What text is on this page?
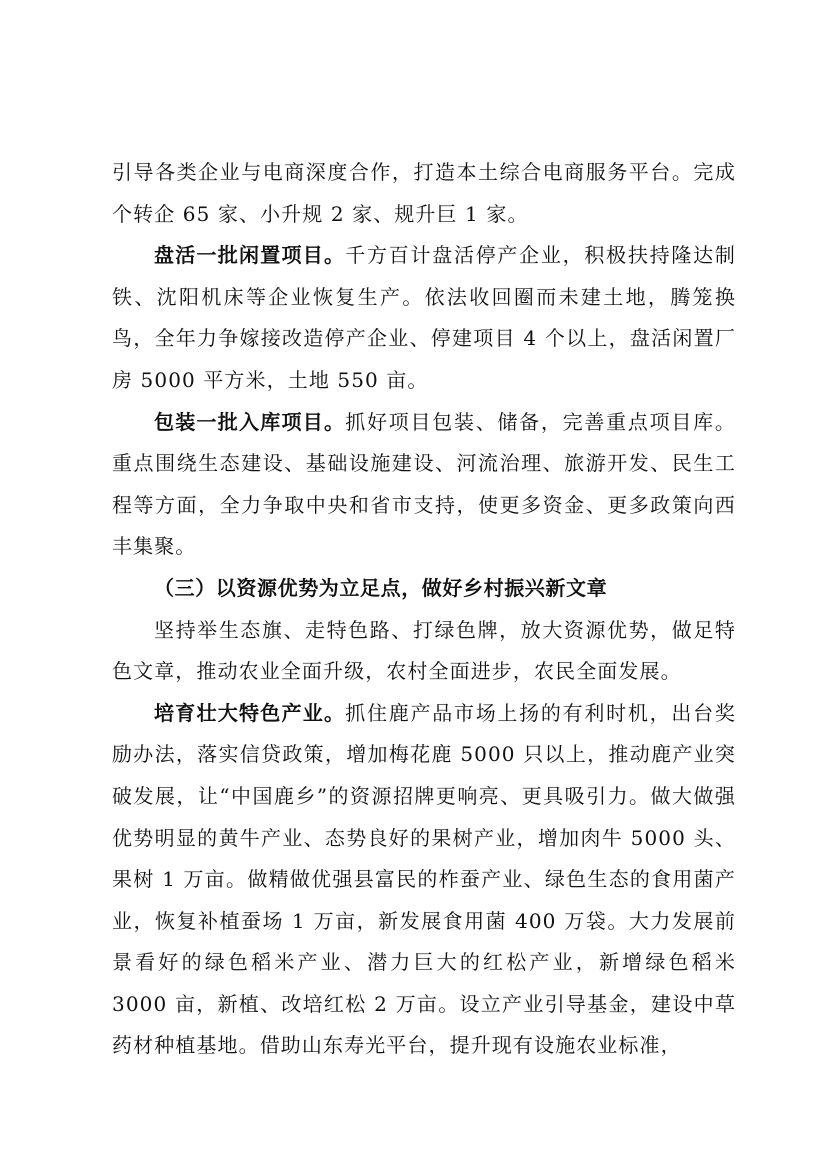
引导各类企业与电商深度合作，打造本土综合电商服务平台。完成个转企 65 家、小升规 2 家、规升巨 1 家。

盘活一批闲置项目。千方百计盘活停产企业，积极扶持隆达制铁、沈阳机床等企业恢复生产。依法收回圈而未建土地，腾笼换鸟，全年力争嫁接改造停产企业、停建项目 4 个以上，盘活闲置厂房 5000 平方米，土地 550 亩。

包装一批入库项目。抓好项目包装、储备，完善重点项目库。重点围绕生态建设、基础设施建设、河流治理、旅游开发、民生工程等方面，全力争取中央和省市支持，使更多资金、更多政策向西丰集聚。

（三）以资源优势为立足点，做好乡村振兴新文章

坚持举生态旗、走特色路、打绿色牌，放大资源优势，做足特色文章，推动农业全面升级，农村全面进步，农民全面发展。

培育壮大特色产业。抓住鹿产品市场上扬的有利时机，出台奖励办法，落实信贷政策，增加梅花鹿 5000 只以上，推动鹿产业突破发展，让“中国鹿乡”的资源招牌更响亮、更具吸引力。做大做强优势明显的黄牛产业、态势良好的果树产业，增加肉牛 5000 头、果树 1 万亩。做精做优强县富民的柞蚕产业、绿色生态的食用菌产业，恢复补植蚕场 1 万亩，新发展食用菌 400 万袋。大力发展前景看好的绿色稻米产业、潜力巨大的红松产业，新增绿色稻米 3000 亩，新植、改培红松 2 万亩。设立产业引导基金，建设中草药材种植基地。借助山东寿光平台，提升现有设施农业标准，
